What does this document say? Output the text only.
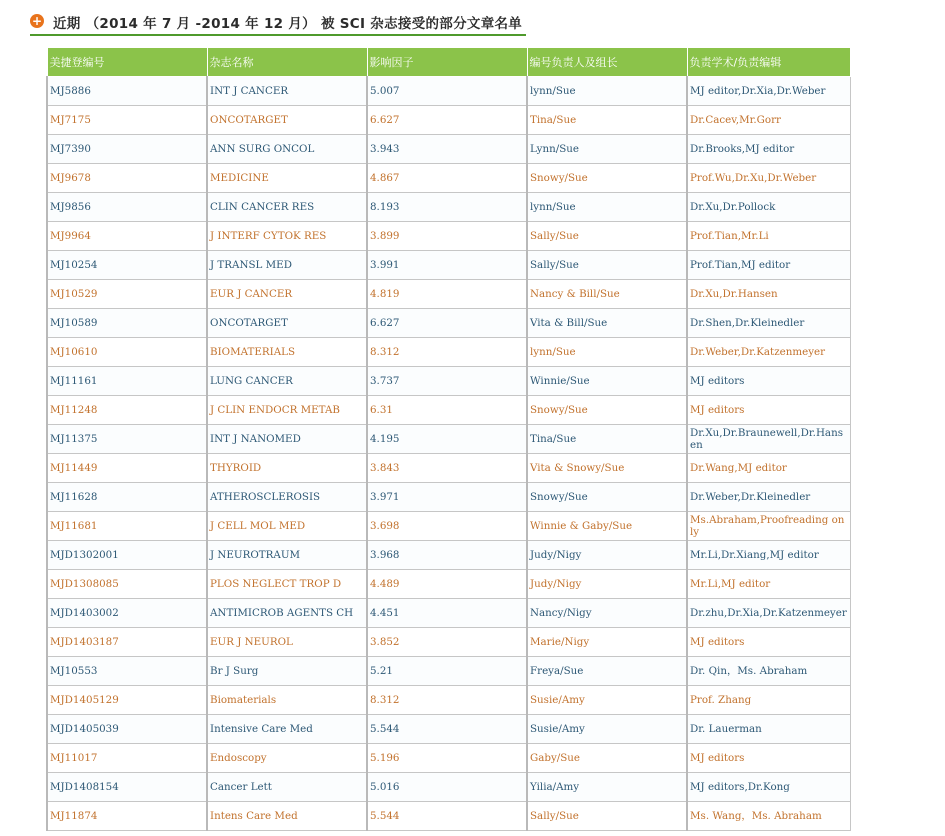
+ 近期 （2014 年 7 月 -2014 年 12 月） 被 SCI 杂志接受的部分文章名单
美捷登编号	杂志名称	影响因子	编号负责人及组长	负责学术/负责编辑
MJ5886	INT J CANCER	5.007	lynn/Sue	MJ editor,Dr.Xia,Dr.Weber
MJ7175	ONCOTARGET	6.627	Tina/Sue	Dr.Cacev,Mr.Gorr
MJ7390	ANN SURG ONCOL	3.943	Lynn/Sue	Dr.Brooks,MJ editor
MJ9678	MEDICINE	4.867	Snowy/Sue	Prof.Wu,Dr.Xu,Dr.Weber
MJ9856	CLIN CANCER RES	8.193	lynn/Sue	Dr.Xu,Dr.Pollock
MJ9964	J INTERF CYTOK RES	3.899	Sally/Sue	Prof.Tian,Mr.Li
MJ10254	J TRANSL MED	3.991	Sally/Sue	Prof.Tian,MJ editor
MJ10529	EUR J CANCER	4.819	Nancy & Bill/Sue	Dr.Xu,Dr.Hansen
MJ10589	ONCOTARGET	6.627	Vita & Bill/Sue	Dr.Shen,Dr.Kleinedler
MJ10610	BIOMATERIALS	8.312	lynn/Sue	Dr.Weber,Dr.Katzenmeyer
MJ11161	LUNG CANCER	3.737	Winnie/Sue	MJ editors
MJ11248	J CLIN ENDOCR METAB	6.31	Snowy/Sue	MJ editors
MJ11375	INT J NANOMED	4.195	Tina/Sue	Dr.Xu,Dr.Braunewell,Dr.Hansen
MJ11449	THYROID	3.843	Vita & Snowy/Sue	Dr.Wang,MJ editor
MJ11628	ATHEROSCLEROSIS	3.971	Snowy/Sue	Dr.Weber,Dr.Kleinedler
MJ11681	J CELL MOL MED	3.698	Winnie & Gaby/Sue	Ms.Abraham,Proofreading only
MJD1302001	J NEUROTRAUM	3.968	Judy/Nigy	Mr.Li,Dr.Xiang,MJ editor
MJD1308085	PLOS NEGLECT TROP D	4.489	Judy/Nigy	Mr.Li,MJ editor
MJD1403002	ANTIMICROB AGENTS CH	4.451	Nancy/Nigy	Dr.zhu,Dr.Xia,Dr.Katzenmeyer
MJD1403187	EUR J NEUROL	3.852	Marie/Nigy	MJ editors
MJ10553	Br J Surg	5.21	Freya/Sue	Dr. Qin，Ms. Abraham
MJD1405129	Biomaterials	8.312	Susie/Amy	Prof. Zhang
MJD1405039	Intensive Care Med	5.544	Susie/Amy	Dr. Lauerman
MJ11017	Endoscopy	5.196	Gaby/Sue	MJ editors
MJD1408154	Cancer Lett	5.016	Yilia/Amy	MJ editors,Dr.Kong
MJ11874	Intens Care Med	5.544	Sally/Sue	Ms. Wang，Ms. Abraham
